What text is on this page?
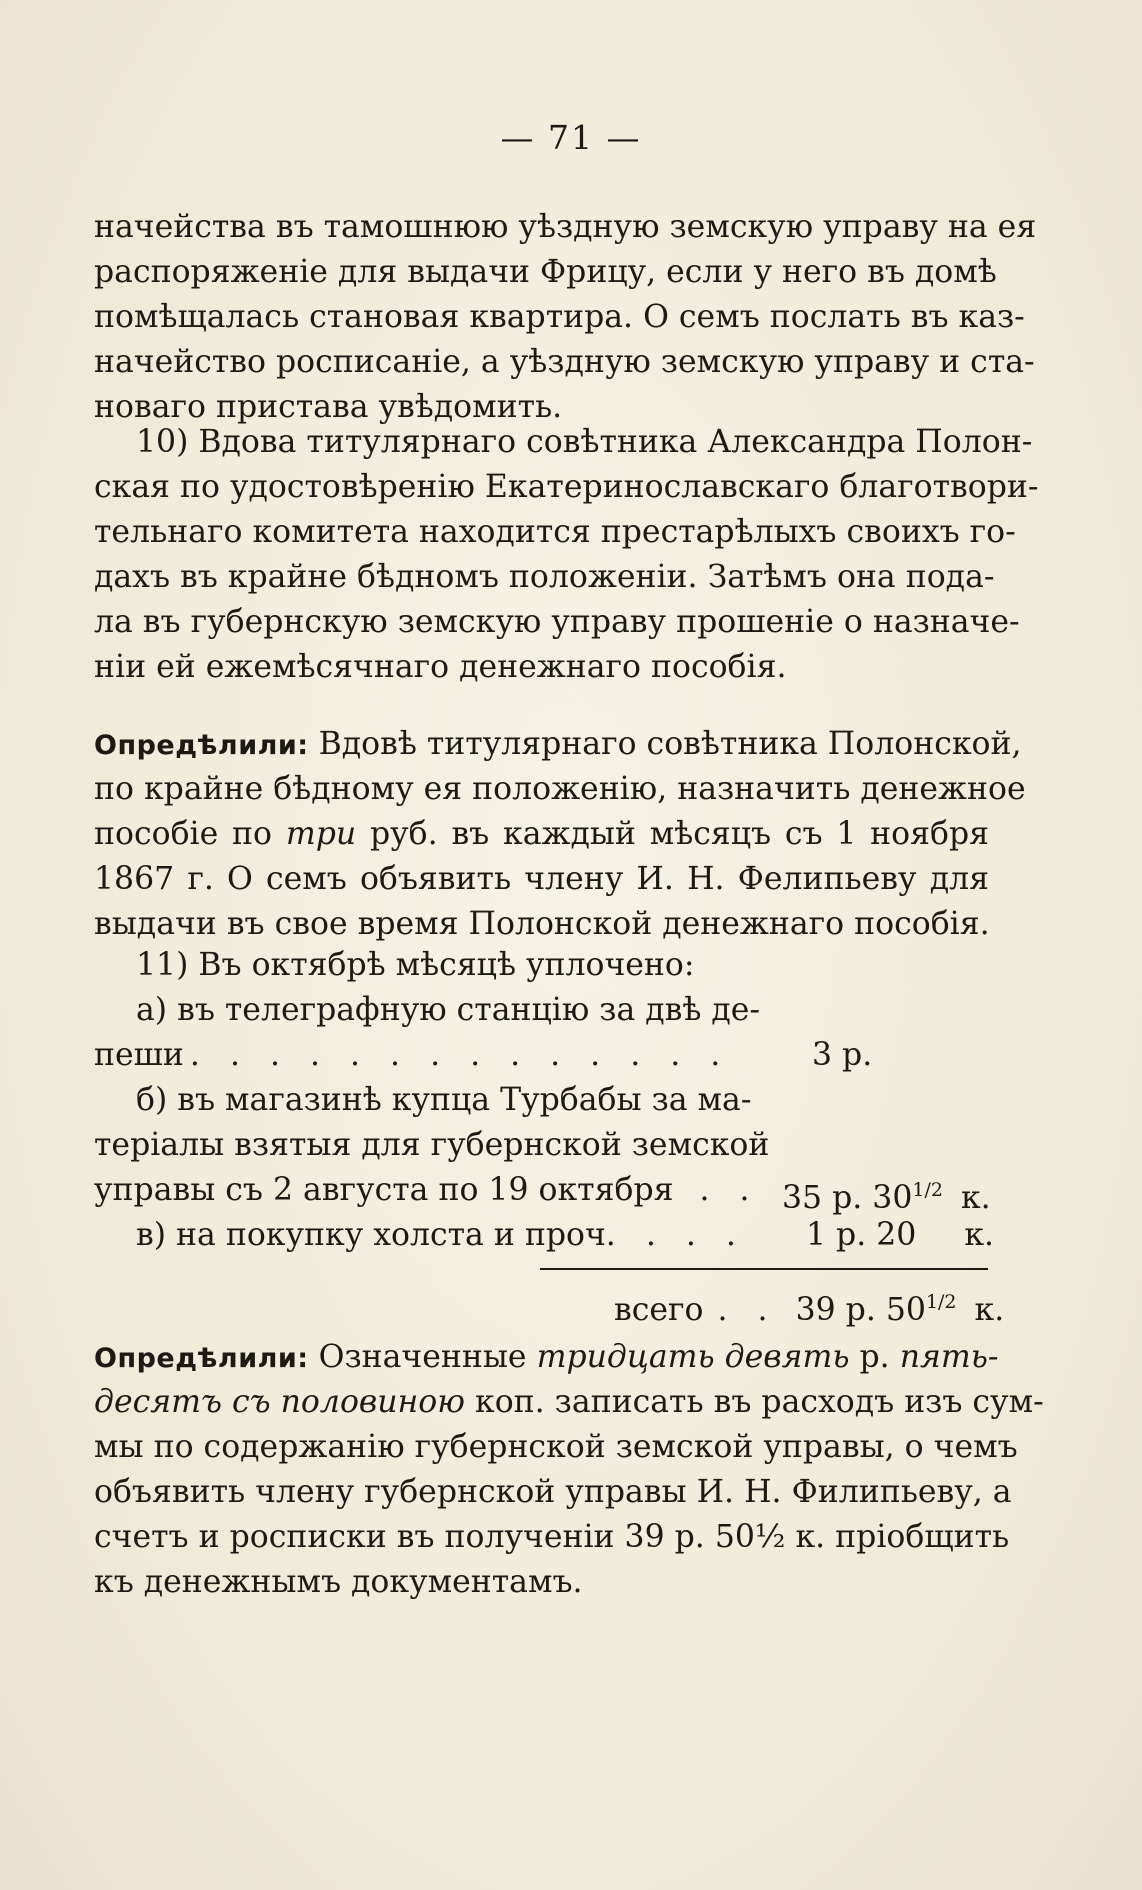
— 71 —
начейства въ тамошнюю уѣздную земскую управу на ея
распоряженіе для выдачи Фрицу, если у него въ домѣ
помѣщалась становая квартира. О семъ послать въ каз-
начейство росписаніе, а уѣздную земскую управу и ста-
новаго пристава увѣдомить.
10) Вдова титулярнаго совѣтника Александра Полон-
ская по удостовѣренію Екатеринославскаго благотвори-
тельнаго комитета находится престарѣлыхъ своихъ го-
дахъ въ крайне бѣдномъ положеніи. Затѣмъ она пода-
ла въ губернскую земскую управу прошеніе о назначе-
ніи ей ежемѣсячнаго денежнаго пособія.
Опредѣлили: Вдовѣ титулярнаго совѣтника Полонской,
по крайне бѣдному ея положенію, назначить денежное
пособіе по три руб. въ каждый мѣсяцъ съ 1 ноября
1867 г. О семъ объявить члену И. Н. Фелипьеву для
выдачи въ свое время Полонской денежнаго пособія.
11) Въ октябрѣ мѣсяцѣ уплочено:
а) въ телеграфную станцію за двѣ де-
пеши . . . . . . . . . . . . . .	3 р.
б) въ магазинѣ купца Турбабы за ма-
теріалы взятыя для губернской земской
управы съ 2 августа по 19 октября . . 35 р. $30^{1/2}$ к.
в) на покупку холста и проч. . . . 1 р. 20 к.
всего . . 39 р. $50^{1/2}$ к.
Опредѣлили: Означенные тридцать девять р. пять-
десятъ съ половиною коп. записать въ расходъ изъ сум-
мы по содержанію губернской земской управы, о чемъ
объявить члену губернской управы И. Н. Филипьеву, а
счетъ и росписки въ полученіи 39 р. 50½ к. пріобщить
къ денежнымъ документамъ.
